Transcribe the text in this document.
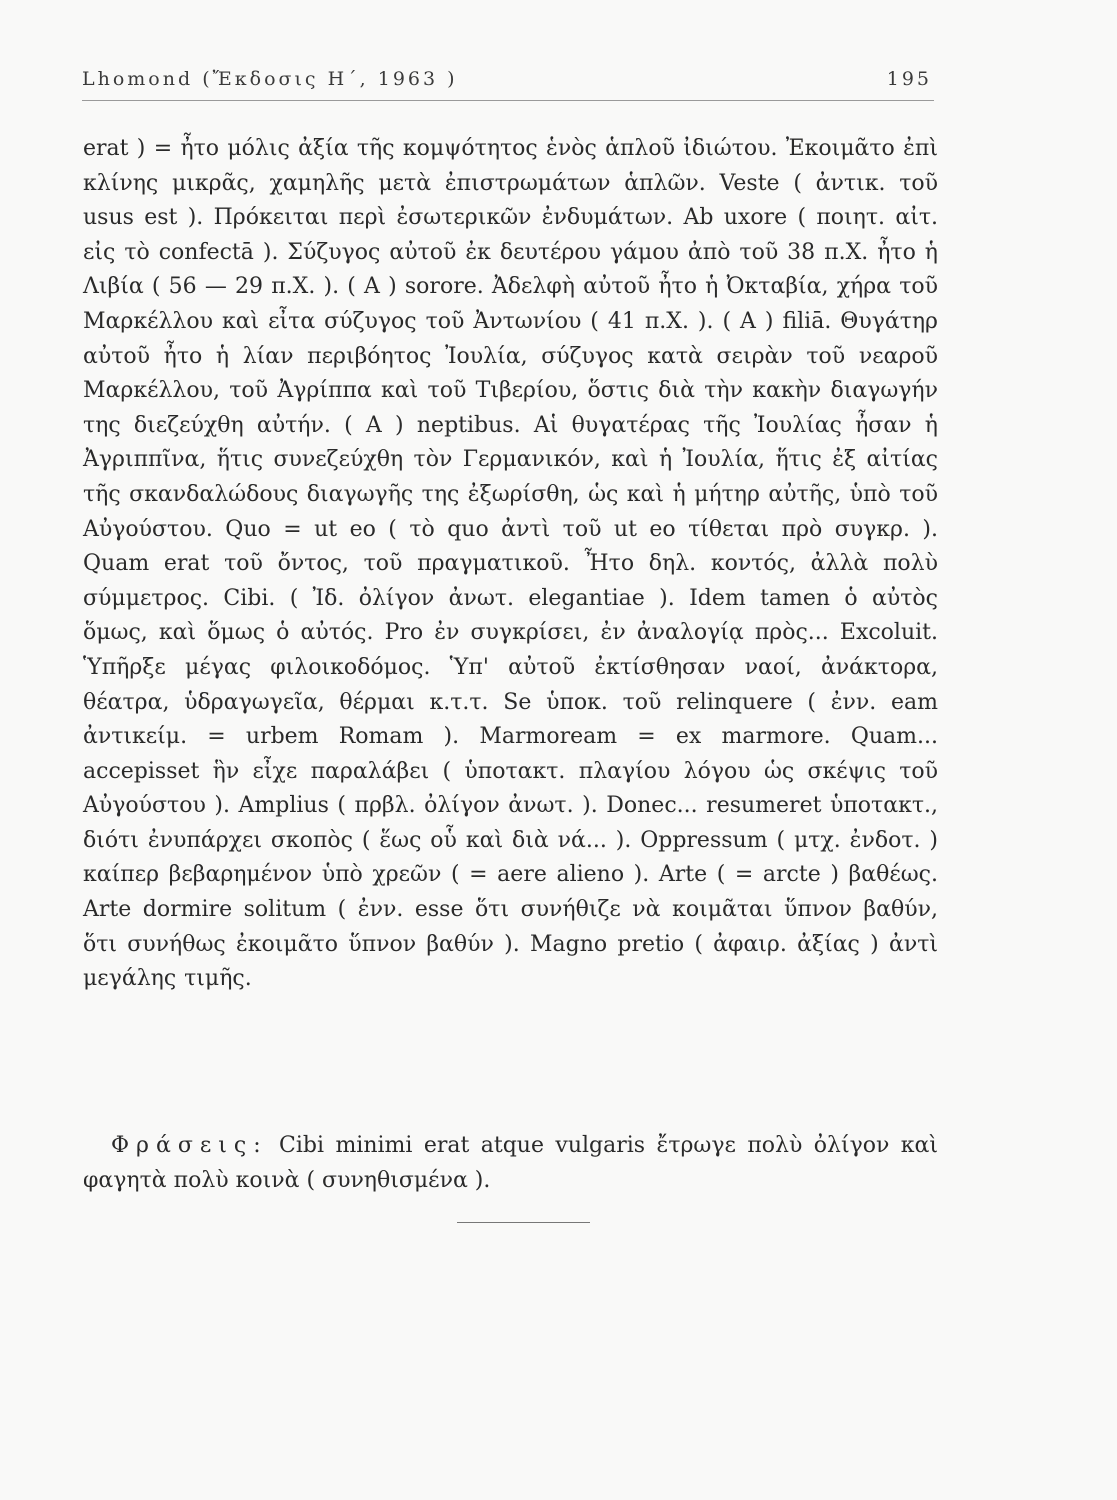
Lhomond (Ἔκδοσις Η΄, 1963 )	195

erat ) = ἦτο μόλις ἀξία τῆς κομψότητος ἑνὸς ἁπλοῦ ἰδιώτου. Ἐκοιμᾶτο ἐπὶ κλίνης μικρᾶς, χαμηλῆς μετὰ ἐπιστρωμάτων ἁπλῶν. Veste ( ἀντικ. τοῦ usus est ). Πρόκειται περὶ ἐσωτερικῶν ἐνδυμάτων. Ab uxore ( ποιητ. αἰτ. εἰς τὸ confectā ). Σύζυγος αὐτοῦ ἐκ δευτέρου γάμου ἀπὸ τοῦ 38 π.Χ. ἦτο ἡ Λιβία ( 56 — 29 π.Χ. ). ( Α ) sorore. Ἀδελφὴ αὐτοῦ ἦτο ἡ Ὀκταβία, χήρα τοῦ Μαρκέλλου καὶ εἶτα σύζυγος τοῦ Ἀντωνίου ( 41 π.Χ. ). ( Α ) filiā. Θυγάτηρ αὐτοῦ ἦτο ἡ λίαν περιβόητος Ἰουλία, σύζυγος κατὰ σειρὰν τοῦ νεαροῦ Μαρκέλλου, τοῦ Ἀγρίππα καὶ τοῦ Τιβερίου, ὅστις διὰ τὴν κακὴν διαγωγήν της διεζεύχθη αὐτήν. ( Α ) neptibus. Αἱ θυγατέρας τῆς Ἰουλίας ἦσαν ἡ Ἀγριππῖνα, ἥτις συνεζεύχθη τὸν Γερμανικόν, καὶ ἡ Ἰουλία, ἥτις ἐξ αἰτίας τῆς σκανδαλώδους διαγωγῆς της ἐξωρίσθη, ὡς καὶ ἡ μήτηρ αὐτῆς, ὑπὸ τοῦ Αὐγούστου. Quo = ut eo ( τὸ quo ἀντὶ τοῦ ut eo τίθεται πρὸ συγκρ. ). Quam erat τοῦ ὄντος, τοῦ πραγματικοῦ. Ἦτο δηλ. κοντός, ἀλλὰ πολὺ σύμμετρος. Cibi. ( Ἰδ. ὀλίγον ἀνωτ. elegantiae ). Idem tamen ὁ αὐτὸς ὅμως, καὶ ὅμως ὁ αὐτός. Pro ἐν συγκρίσει, ἐν ἀναλογίᾳ πρὸς... Excoluit. Ὑπῆρξε μέγας φιλοικοδόμος. Ὑπ' αὐτοῦ ἐκτίσθησαν ναοί, ἀνάκτορα, θέατρα, ὑδραγωγεῖα, θέρμαι κ.τ.τ. Se ὑποκ. τοῦ relinquere ( ἐνν. eam ἀντικείμ. = urbem Romam ). Marmoream = ex marmore. Quam... accepisset ἣν εἶχε παραλάβει ( ὑποτακτ. πλαγίου λόγου ὡς σκέψις τοῦ Αὐγούστου ). Amplius ( πρβλ. ὀλίγον ἀνωτ. ). Donec... resumeret ὑποτακτ., διότι ἐνυπάρχει σκοπὸς ( ἕως οὗ καὶ διὰ νά... ). Oppressum ( μτχ. ἐνδοτ. ) καίπερ βεβαρημένον ὑπὸ χρεῶν ( = aere alieno ). Arte ( = arcte ) βαθέως. Arte dormire solitum ( ἐνν. esse ὅτι συνήθιζε νὰ κοιμᾶται ὕπνον βαθύν, ὅτι συνήθως ἐκοιμᾶτο ὕπνον βαθύν ). Magno pretio ( ἀφαιρ. ἀξίας ) ἀντὶ μεγάλης τιμῆς.

Φράσεις: Cibi minimi erat atque vulgaris ἔτρωγε πολὺ ὀλίγον καὶ φαγητὰ πολὺ κοινὰ ( συνηθισμένα ).
